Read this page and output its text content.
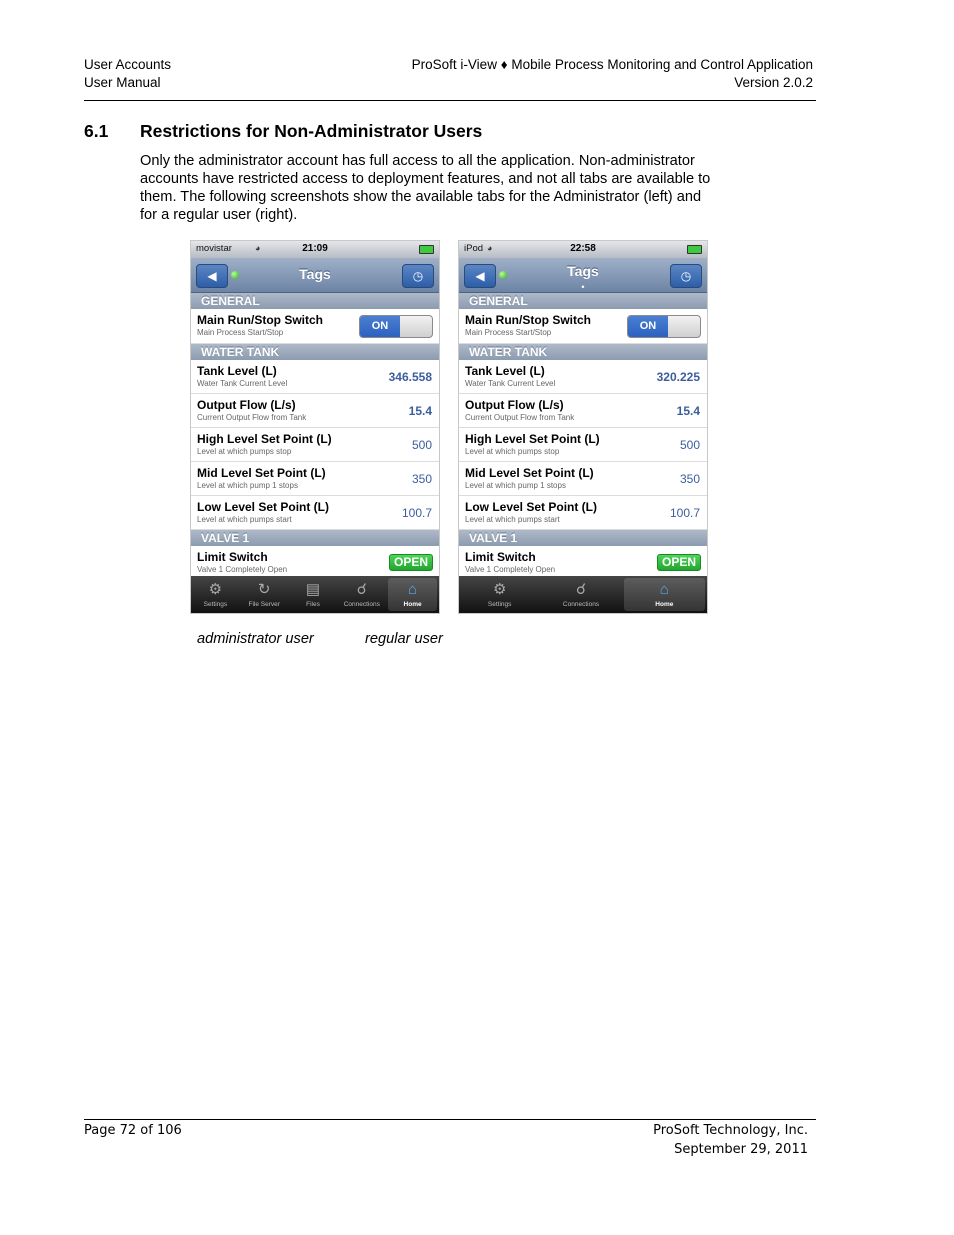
User Accounts
User Manual
ProSoft i-View ♦ Mobile Process Monitoring and Control Application
Version 2.0.2
6.1 Restrictions for Non-Administrator Users
Only the administrator account has full access to all the application. Non-administrator
accounts have restricted access to deployment features, and not all tabs are available to
them. The following screenshots show the available tabs for the Administrator (left) and
for a regular user (right).
movistar	◕	21:09
◀	Tags	◷
GENERAL
Main Run/Stop Switch
Main Process Start/Stop
ON
WATER TANK
Tank Level (L)
Water Tank Current Level	346.558
Output Flow (L/s)
Current Output Flow from Tank	15.4
High Level Set Point (L)
Level at which pumps stop	500
Mid Level Set Point (L)
Level at which pump 1 stops	350
Low Level Set Point (L)
Level at which pumps start	100.7
VALVE 1
Limit Switch
Valve 1 Completely Open
OPEN
⚙
Settings
↻
File Server
▤
Files
☌
Connections
⌂
Home
iPod ◕	22:58
◀	Tags
•
◷
GENERAL
Main Run/Stop Switch
Main Process Start/Stop
ON
WATER TANK
Tank Level (L)
Water Tank Current Level	320.225
Output Flow (L/s)
Current Output Flow from Tank	15.4
High Level Set Point (L)
Level at which pumps stop	500
Mid Level Set Point (L)
Level at which pump 1 stops	350
Low Level Set Point (L)
Level at which pumps start	100.7
VALVE 1
Limit Switch
Valve 1 Completely Open
OPEN
⚙
Settings
☌
Connections
⌂
Home
administrator user	regular user
Page 72 of 106	ProSoft Technology, Inc.
September 29, 2011
